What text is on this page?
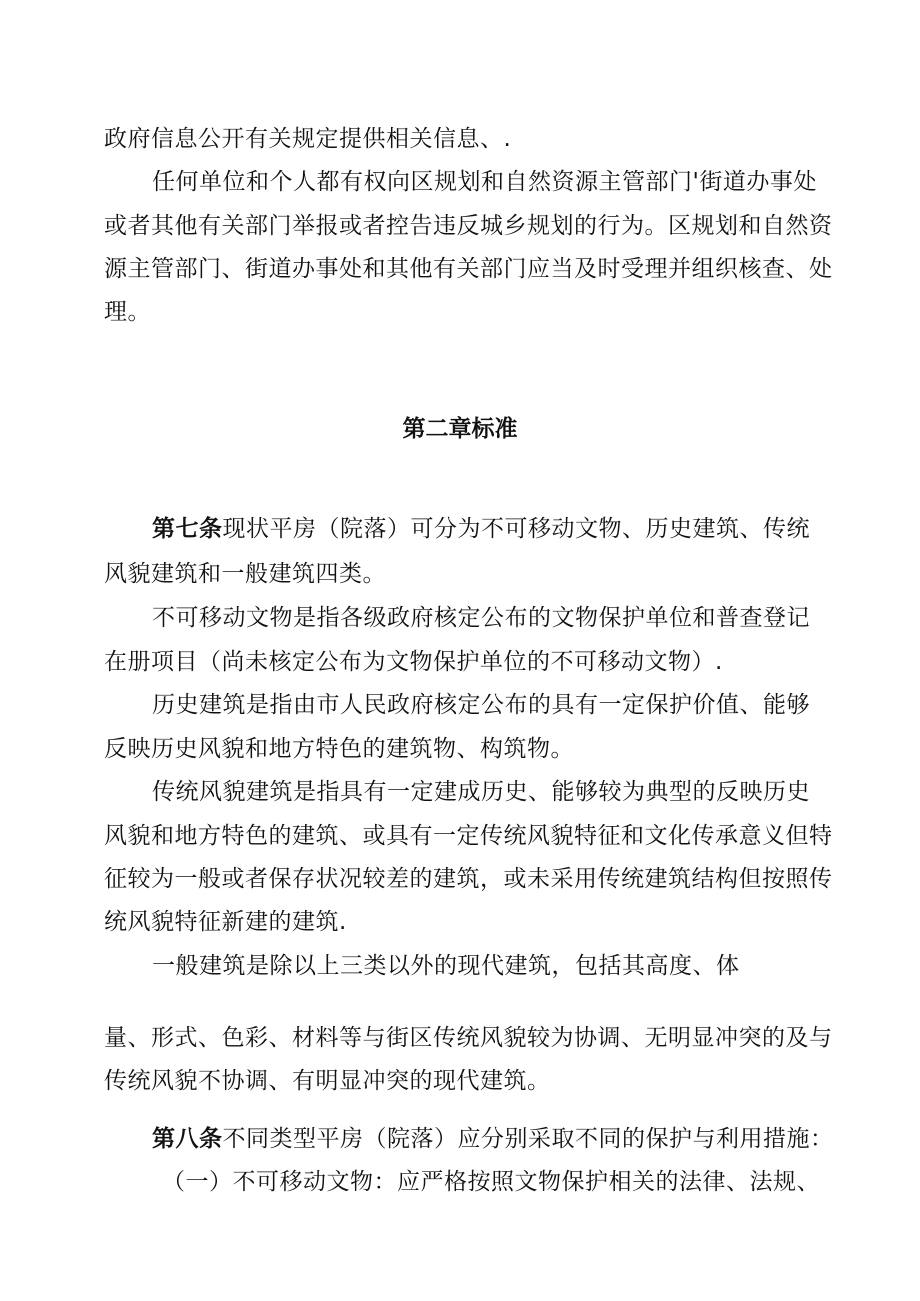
政府信息公开有关规定提供相关信息、.
任何单位和个人都有权向区规划和自然资源主管部门'街道办事处
或者其他有关部门举报或者控告违反城乡规划的行为。区规划和自然资
源主管部门、街道办事处和其他有关部门应当及时受理并组织核查、处
理。
第二章标准
第七条现状平房（院落）可分为不可移动文物、历史建筑、传统
风貌建筑和一般建筑四类。
不可移动文物是指各级政府核定公布的文物保护单位和普查登记
在册项目（尚未核定公布为文物保护单位的不可移动文物）.
历史建筑是指由市人民政府核定公布的具有一定保护价值、能够
反映历史风貌和地方特色的建筑物、构筑物。
传统风貌建筑是指具有一定建成历史、能够较为典型的反映历史
风貌和地方特色的建筑、或具有一定传统风貌特征和文化传承意义但特
征较为一般或者保存状况较差的建筑，或未采用传统建筑结构但按照传
统风貌特征新建的建筑.
一般建筑是除以上三类以外的现代建筑，包括其高度、体
量、形式、色彩、材料等与街区传统风貌较为协调、无明显冲突的及与
传统风貌不协调、有明显冲突的现代建筑。
第八条不同类型平房（院落）应分别采取不同的保护与利用措施：
（一）不可移动文物：应严格按照文物保护相关的法律、法规、
